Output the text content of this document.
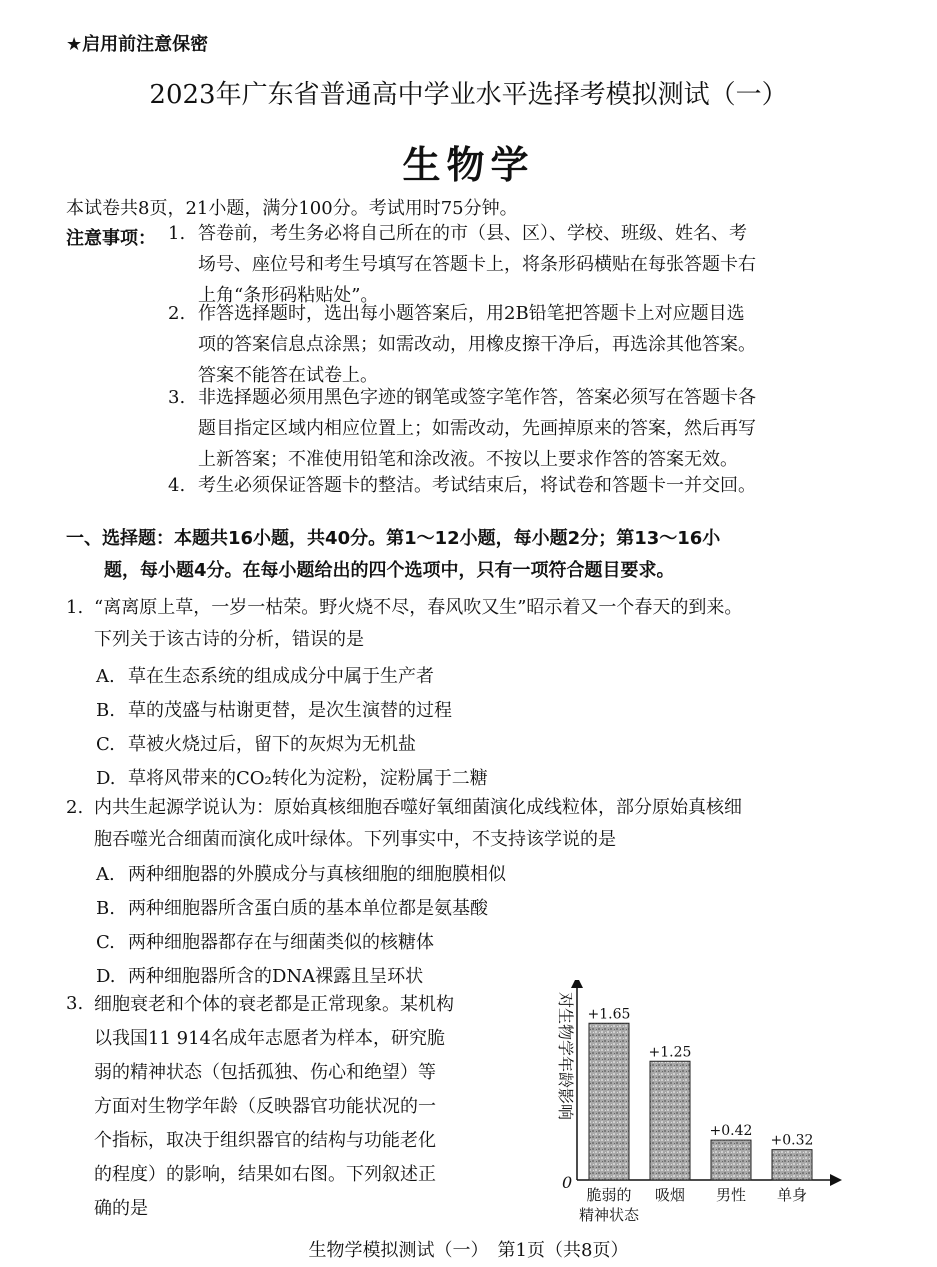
★启用前注意保密
2023年广东省普通高中学业水平选择考模拟测试（一）
生物学
本试卷共8页，21小题，满分100分。考试用时75分钟。
注意事项： 1. 答卷前，考生务必将自己所在的市（县、区）、学校、班级、姓名、考
场号、座位号和考生号填写在答题卡上，将条形码横贴在每张答题卡右
上角“条形码粘贴处”。
2. 作答选择题时，选出每小题答案后，用2B铅笔把答题卡上对应题目选
项的答案信息点涂黑；如需改动，用橡皮擦干净后，再选涂其他答案。
答案不能答在试卷上。
3. 非选择题必须用黑色字迹的钢笔或签字笔作答，答案必须写在答题卡各
题目指定区域内相应位置上；如需改动，先画掉原来的答案，然后再写
上新答案；不准使用铅笔和涂改液。不按以上要求作答的答案无效。
4. 考生必须保证答题卡的整洁。考试结束后，将试卷和答题卡一并交回。
一、选择题：本题共16小题，共40分。第1～12小题，每小题2分；第13～16小
题，每小题4分。在每小题给出的四个选项中，只有一项符合题目要求。
1. “离离原上草，一岁一枯荣。野火烧不尽，春风吹又生”昭示着又一个春天的到来。
下列关于该古诗的分析，错误的是
A. 草在生态系统的组成成分中属于生产者
B. 草的茂盛与枯谢更替，是次生演替的过程
C. 草被火烧过后，留下的灰烬为无机盐
D. 草将风带来的CO₂转化为淀粉，淀粉属于二糖
2. 内共生起源学说认为：原始真核细胞吞噬好氧细菌演化成线粒体，部分原始真核细
胞吞噬光合细菌而演化成叶绿体。下列事实中，不支持该学说的是
A. 两种细胞器的外膜成分与真核细胞的细胞膜相似
B. 两种细胞器所含蛋白质的基本单位都是氨基酸
C. 两种细胞器都存在与细菌类似的核糖体
D. 两种细胞器所含的DNA裸露且呈环状
3. 细胞衰老和个体的衰老都是正常现象。某机构
以我国11 914名成年志愿者为样本，研究脆
弱的精神状态（包括孤独、伤心和绝望）等
方面对生物学年龄（反映器官功能状况的一
个指标，取决于组织器官的结构与功能老化
的程度）的影响，结果如右图。下列叙述正
确的是
对生物学年龄影响
0
+1.65
脆弱的
精神状态
+1.25
吸烟
+0.42
男性
+0.32
单身
生物学模拟测试（一）　第1页（共8页）
